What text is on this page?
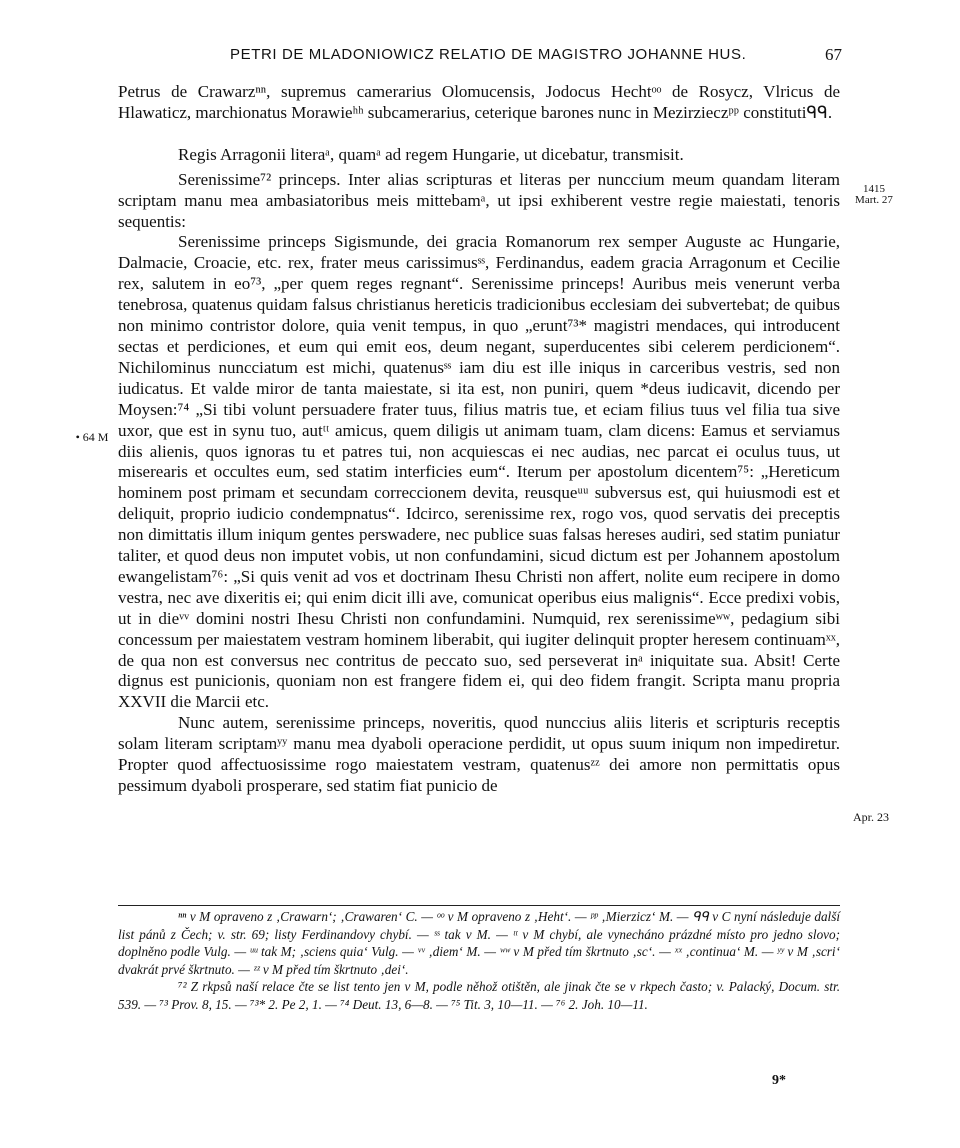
PETRI DE MLADONIOWICZ RELATIO DE MAGISTRO JOHANNE HUS.	67

Petrus de Crawarzⁿⁿ, supremus camerarius Olomucensis, Jodocus Hechtᵒᵒ de Rosycz, Vlricus de Hlawaticz, marchionatus Morawieʰʰ subcamerarius, ceterique barones nunc in Mezirzieczᵖᵖ constitutiᑫᑫ.

Regis Arragonii literaᵃ, quamᵃ ad regem Hungarie, ut dicebatur, transmisit.

Serenissime⁷² princeps. Inter alias scripturas et literas per nunccium meum quandam literam scriptam manu mea ambasiatoribus meis mittebamᵃ, ut ipsi exhiberent vestre regie maiestati, tenoris sequentis:

Serenissime princeps Sigismunde, dei gracia Romanorum rex semper Auguste ac Hungarie, Dalmacie, Croacie, etc. rex, frater meus carissimusˢˢ, Ferdinandus, eadem gracia Arragonum et Cecilie rex, salutem in eo⁷³, „per quem reges regnant“. Serenissime princeps! Auribus meis venerunt verba tenebrosa, quatenus quidam falsus christianus hereticis tradicionibus ecclesiam dei subvertebat; de quibus non minimo contristor dolore, quia venit tempus, in quo „erunt⁷³* magistri mendaces, qui introducent sectas et perdiciones, et eum qui emit eos, deum negant, superducentes sibi celerem perdicionem“. Nichilominus nuncciatum est michi, quatenusˢˢ iam diu est ille iniqus in carceribus vestris, sed non iudicatus. Et valde miror de tanta maiestate, si ita est, non puniri, quem *deus iudicavit, dicendo per Moysen:⁷⁴ „Si tibi volunt persuadere frater tuus, filius matris tue, et eciam filius tuus vel filia tua sive uxor, que est in synu tuo, autᵗᵗ amicus, quem diligis ut animam tuam, clam dicens: Eamus et serviamus diis alienis, quos ignoras tu et patres tui, non acquiescas ei nec audias, nec parcat ei oculus tuus, ut miserearis et occultes eum, sed statim interficies eum“. Iterum per apostolum dicentem⁷⁵: „Hereticum hominem post primam et secundam correccionem devita, reusqueᵘᵘ subversus est, qui huiusmodi est et deliquit, proprio iudicio condempnatus“. Idcirco, serenissime rex, rogo vos, quod servatis dei preceptis non dimittatis illum iniqum gentes perswadere, nec publice suas falsas hereses audiri, sed statim puniatur taliter, et quod deus non imputet vobis, ut non confundamini, sicud dictum est per Johannem apostolum ewangelistam⁷⁶: „Si quis venit ad vos et doctrinam Ihesu Christi non affert, nolite eum recipere in domo vestra, nec ave dixeritis ei; qui enim dicit illi ave, comunicat operibus eius malignis“. Ecce predixi vobis, ut in dieᵛᵛ domini nostri Ihesu Christi non confundamini. Numquid, rex serenissimeʷʷ, pedagium sibi concessum per maiestatem vestram hominem liberabit, qui iugiter delinquit propter heresem continuamˣˣ, de qua non est conversus nec contritus de peccato suo, sed perseverat inᵃ iniquitate sua. Absit! Certe dignus est punicionis, quoniam non est frangere fidem ei, qui deo fidem frangit. Scripta manu propria XXVII die Marcii etc.

Nunc autem, serenissime princeps, noveritis, quod nunccius aliis literis et scripturis receptis solam literam scriptamʸʸ manu mea dyaboli operacione perdidit, ut opus suum iniqum non impediretur. Propter quod affectuosissime rogo maiestatem vestram, quatenusᶻᶻ dei amore non permittatis opus pessimum dyaboli prosperare, sed statim fiat punicio de

1415
Mart. 27
• 64 M
Apr. 23

ⁿⁿ v M opraveno z ‚Crawarn‘; ‚Crawaren‘ C. — ᵒᵒ v M opraveno z ‚Heht‘. — ᵖᵖ ‚Mierzicz‘ M. — ᑫᑫ v C nyní následuje další list pánů z Čech; v. str. 69; listy Ferdinandovy chybí. — ˢˢ tak v M. — ᵗᵗ v M chybí, ale vynecháno prázdné místo pro jedno slovo; doplněno podle Vulg. — ᵘᵘ tak M; ‚sciens quia‘ Vulg. — ᵛᵛ ‚diem‘ M. — ʷʷ v M před tím škrtnuto ‚sc‘. — ˣˣ ‚continua‘ M. — ʸʸ v M ‚scri‘ dvakrát prvé škrtnuto. — ᶻᶻ v M před tím škrtnuto ‚dei‘.

⁷² Z rkpsů naší relace čte se list tento jen v M, podle něhož otištěn, ale jinak čte se v rkpech často; v. Palacký, Docum. str. 539. — ⁷³ Prov. 8, 15. — ⁷³* 2. Pe 2, 1. — ⁷⁴ Deut. 13, 6—8. — ⁷⁵ Tit. 3, 10—11. — ⁷⁶ 2. Joh. 10—11.

9*
